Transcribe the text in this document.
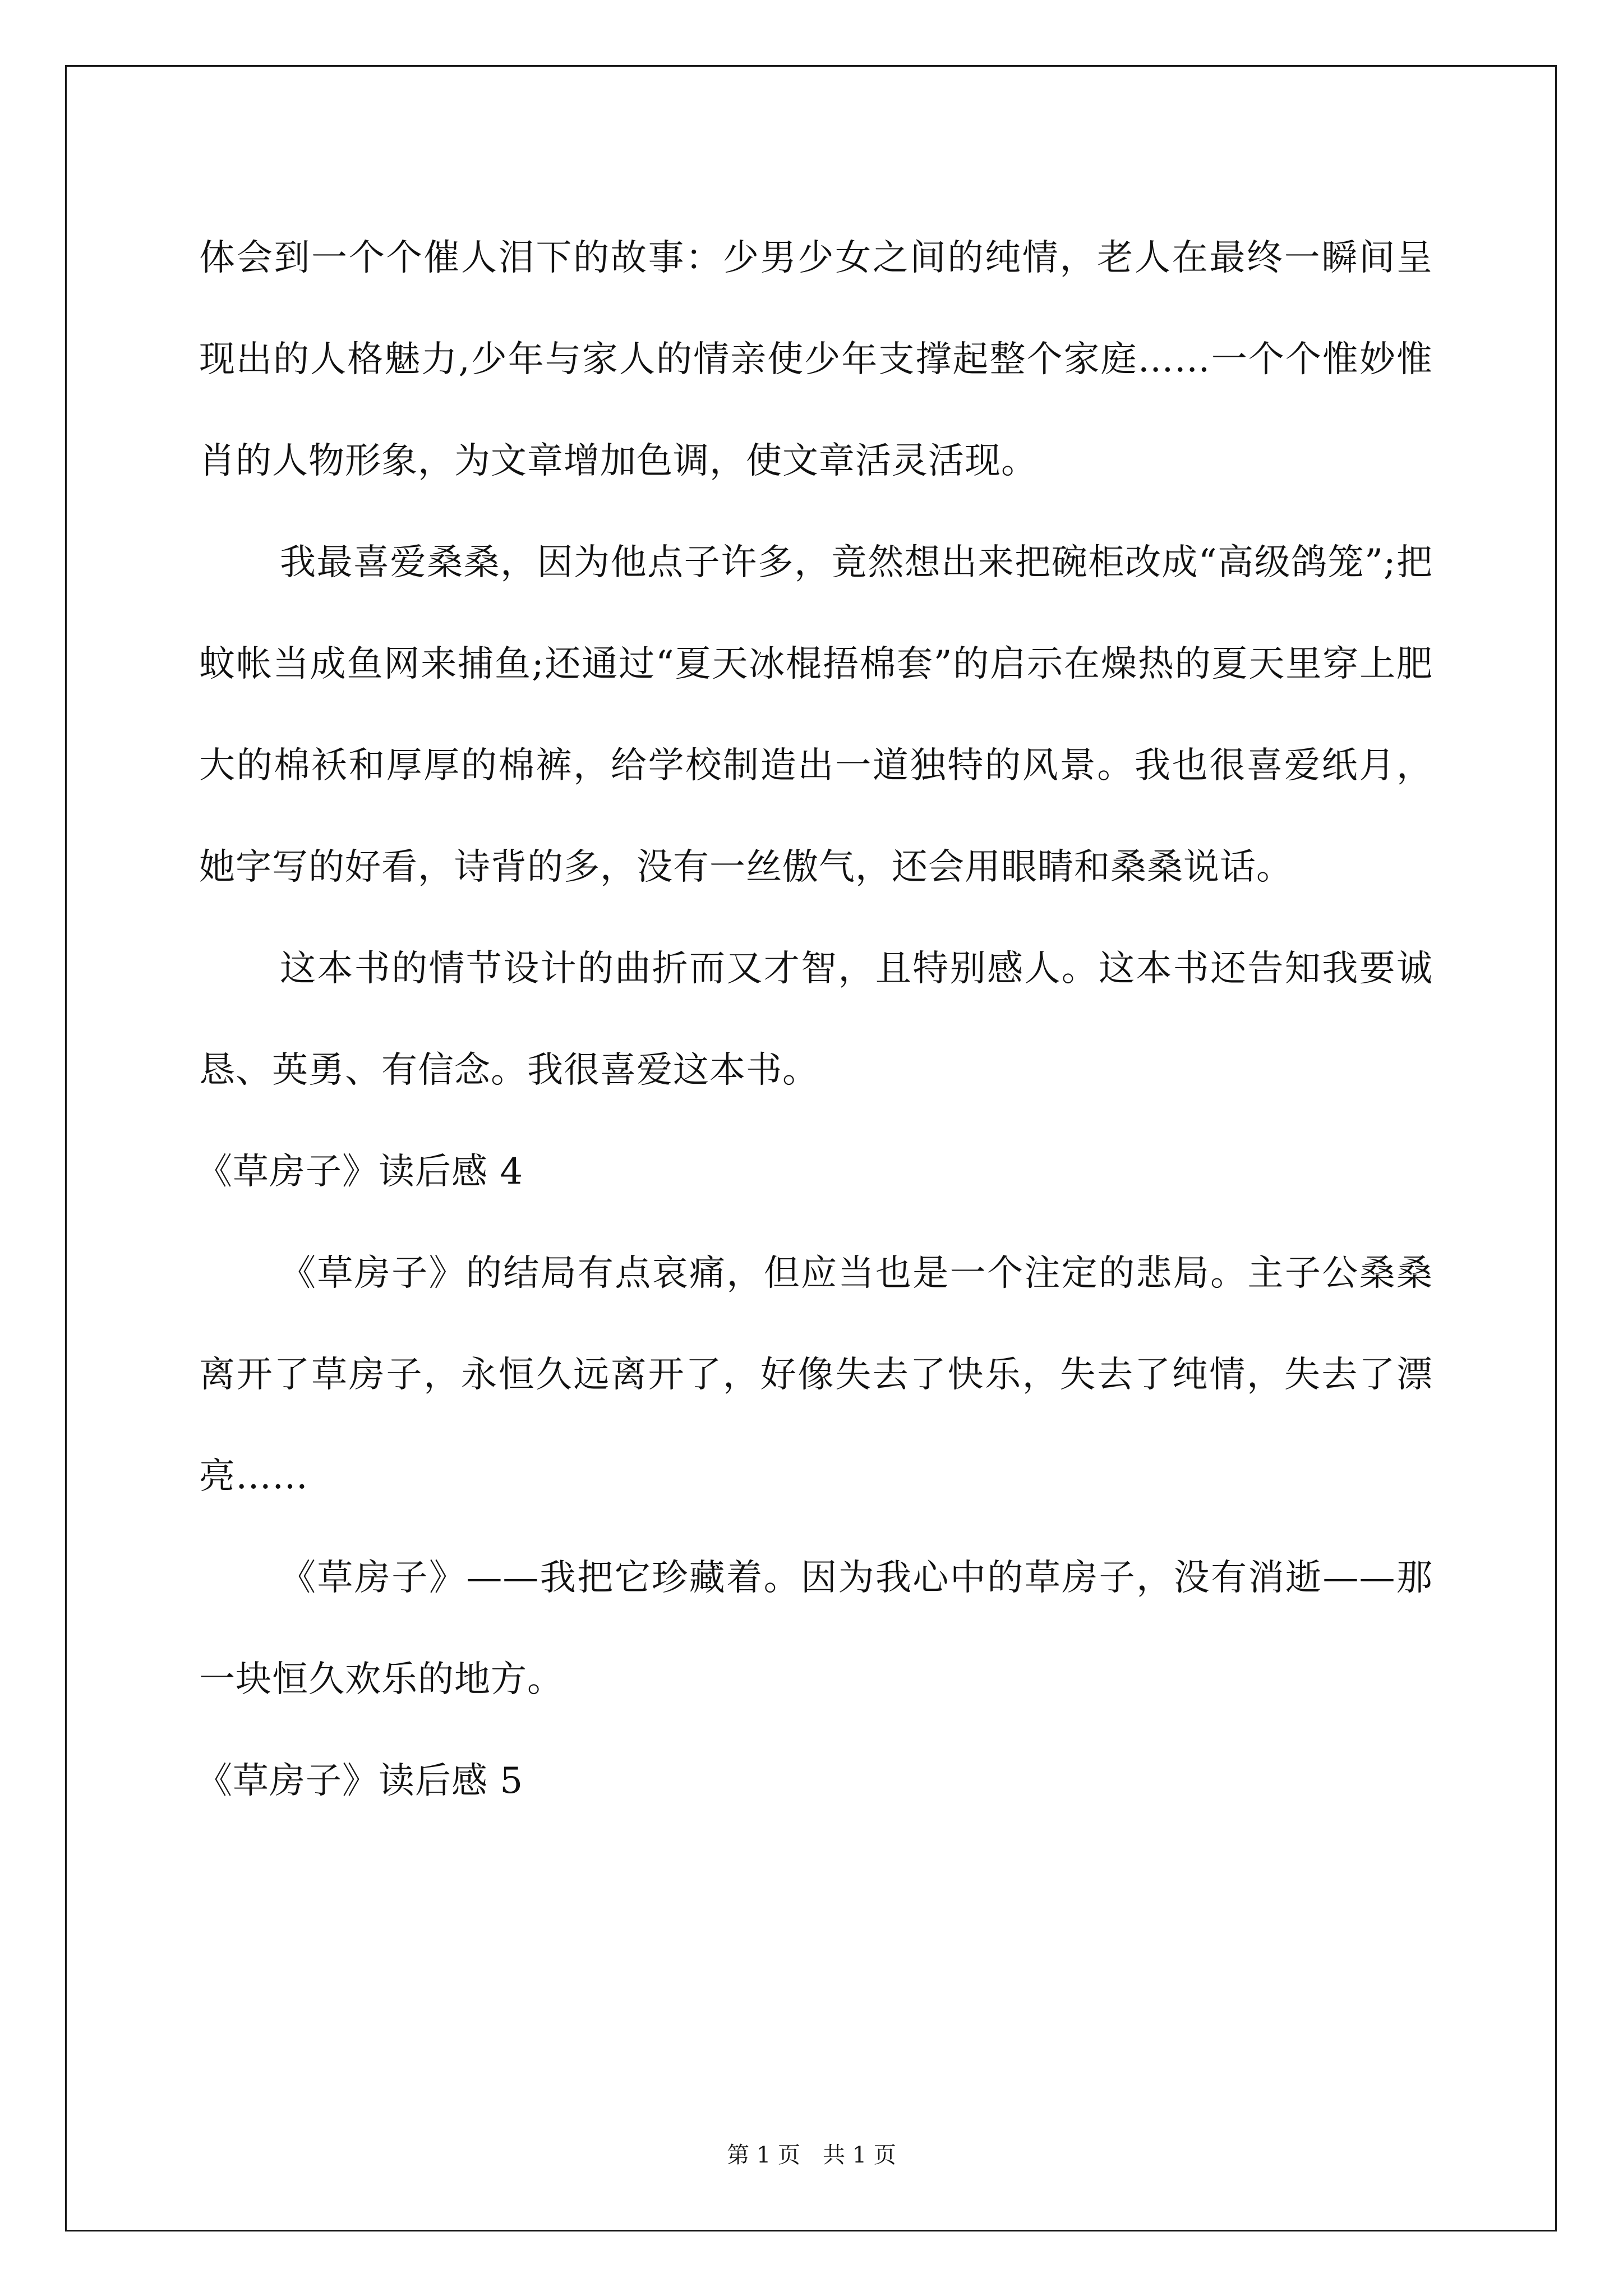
体会到一个个催人泪下的故事：少男少女之间的纯情，老人在最终一瞬间呈现出的人格魅力,少年与家人的情亲使少年支撑起整个家庭……一个个惟妙惟肖的人物形象，为文章增加色调，使文章活灵活现。

我最喜爱桑桑，因为他点子许多，竟然想出来把碗柜改成“高级鸽笼”;把蚊帐当成鱼网来捕鱼;还通过“夏天冰棍捂棉套”的启示在燥热的夏天里穿上肥大的棉袄和厚厚的棉裤，给学校制造出一道独特的风景。我也很喜爱纸月，她字写的好看，诗背的多，没有一丝傲气，还会用眼睛和桑桑说话。

这本书的情节设计的曲折而又才智，且特别感人。这本书还告知我要诚恳、英勇、有信念。我很喜爱这本书。

《草房子》读后感 4

《草房子》的结局有点哀痛，但应当也是一个注定的悲局。主子公桑桑离开了草房子，永恒久远离开了，好像失去了快乐，失去了纯情，失去了漂亮……

《草房子》——我把它珍藏着。因为我心中的草房子，没有消逝——那一块恒久欢乐的地方。

《草房子》读后感 5

第 1 页 共 1 页
